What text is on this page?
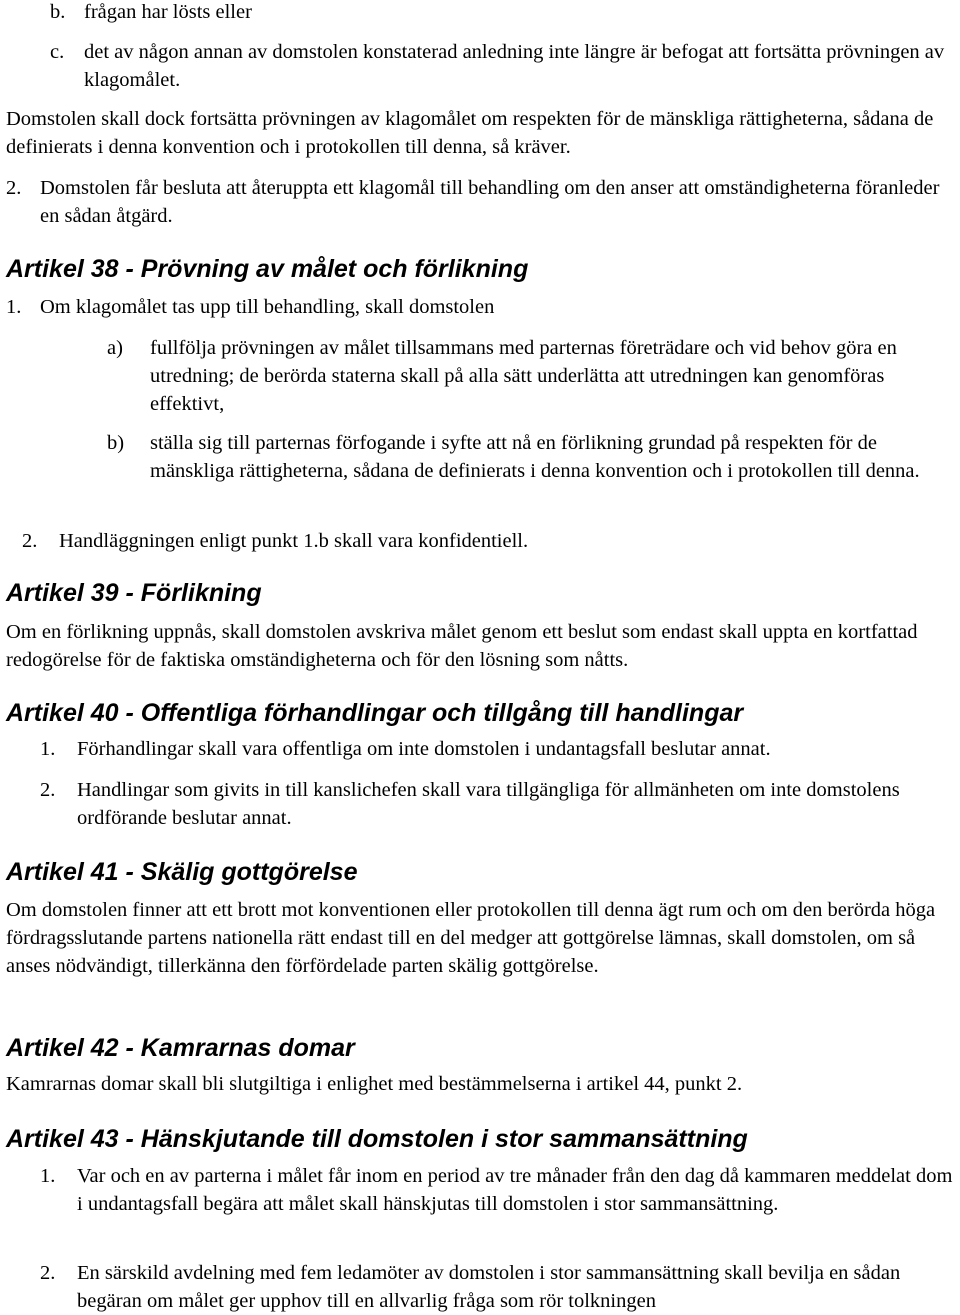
b. frågan har lösts eller

c. det av någon annan av domstolen konstaterad anledning inte längre är befogat att fortsätta prövningen av klagomålet.

Domstolen skall dock fortsätta prövningen av klagomålet om respekten för de mänskliga rättigheterna, sådana de definierats i denna konvention och i protokollen till denna, så kräver.

2. Domstolen får besluta att återuppta ett klagomål till behandling om den anser att omständigheterna föranleder en sådan åtgärd.

Artikel 38 - Prövning av målet och förlikning
1. Om klagomålet tas upp till behandling, skall domstolen

a) fullfölja prövningen av målet tillsammans med parternas företrädare och vid behov göra en utredning; de berörda staterna skall på alla sätt underlätta att utredningen kan genomföras effektivt,

b) ställa sig till parternas förfogande i syfte att nå en förlikning grundad på respekten för de mänskliga rättigheterna, sådana de definierats i denna konvention och i protokollen till denna.

2. Handläggningen enligt punkt 1.b skall vara konfidentiell.

Artikel 39 - Förlikning

Om en förlikning uppnås, skall domstolen avskriva målet genom ett beslut som endast skall uppta en kortfattad redogörelse för de faktiska omständigheterna och för den lösning som nåtts.

Artikel 40 - Offentliga förhandlingar och tillgång till handlingar
1. Förhandlingar skall vara offentliga om inte domstolen i undantagsfall beslutar annat.

2. Handlingar som givits in till kanslichefen skall vara tillgängliga för allmänheten om inte domstolens ordförande beslutar annat.

Artikel 41 - Skälig gottgörelse

Om domstolen finner att ett brott mot konventionen eller protokollen till denna ägt rum och om den berörda höga fördragsslutande partens nationella rätt endast till en del medger att gottgörelse lämnas, skall domstolen, om så anses nödvändigt, tillerkänna den förfördelade parten skälig gottgörelse.

Artikel 42 - Kamrarnas domar

Kamrarnas domar skall bli slutgiltiga i enlighet med bestämmelserna i artikel 44, punkt 2.

Artikel 43 - Hänskjutande till domstolen i stor sammansättning
1. Var och en av parterna i målet får inom en period av tre månader från den dag då kammaren meddelat dom i undantagsfall begära att målet skall hänskjutas till domstolen i stor sammansättning.

2. En särskild avdelning med fem ledamöter av domstolen i stor sammansättning skall bevilja en sådan begäran om målet ger upphov till en allvarlig fråga som rör tolkningen
